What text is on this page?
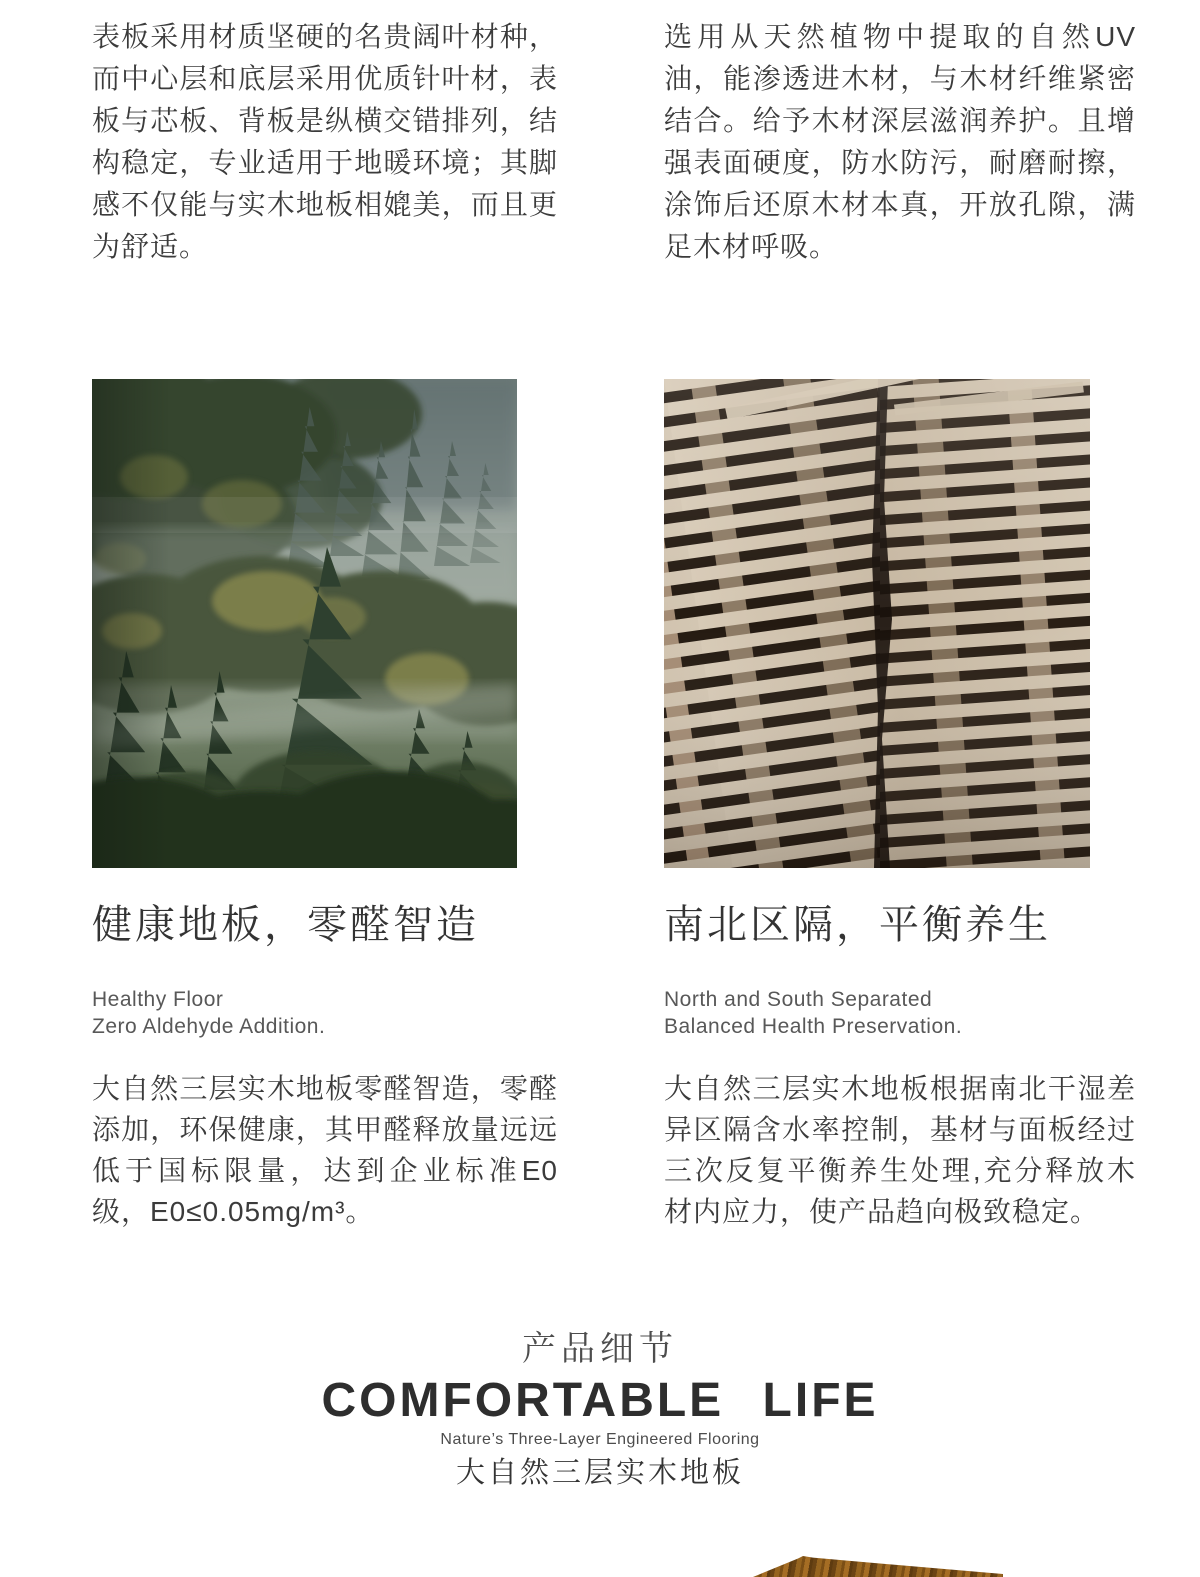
表板采用材质坚硬的名贵阔叶材种，而中心层和底层采用优质针叶材，表板与芯板、背板是纵横交错排列，结构稳定，专业适用于地暖环境；其脚感不仅能与实木地板相媲美，而且更为舒适。

选用从天然植物中提取的自然UV油，能渗透进木材，与木材纤维紧密结合。给予木材深层滋润养护。且增强表面硬度，防水防污，耐磨耐擦，涂饰后还原木材本真，开放孔隙，满足木材呼吸。

健康地板，零醛智造	南北区隔，平衡养生

Healthy Floor
Zero Aldehyde Addition.

North and South Separated
Balanced Health Preservation.

大自然三层实木地板零醛智造，零醛添加，环保健康，其甲醛释放量远远低于国标限量，达到企业标准E0级，E0≤0.05mg/m³。

大自然三层实木地板根据南北干湿差异区隔含水率控制，基材与面板经过三次反复平衡养生处理,充分释放木材内应力，使产品趋向极致稳定。

产品细节

COMFORTABLE LIFE

Nature’s Three-Layer Engineered Flooring

大自然三层实木地板
